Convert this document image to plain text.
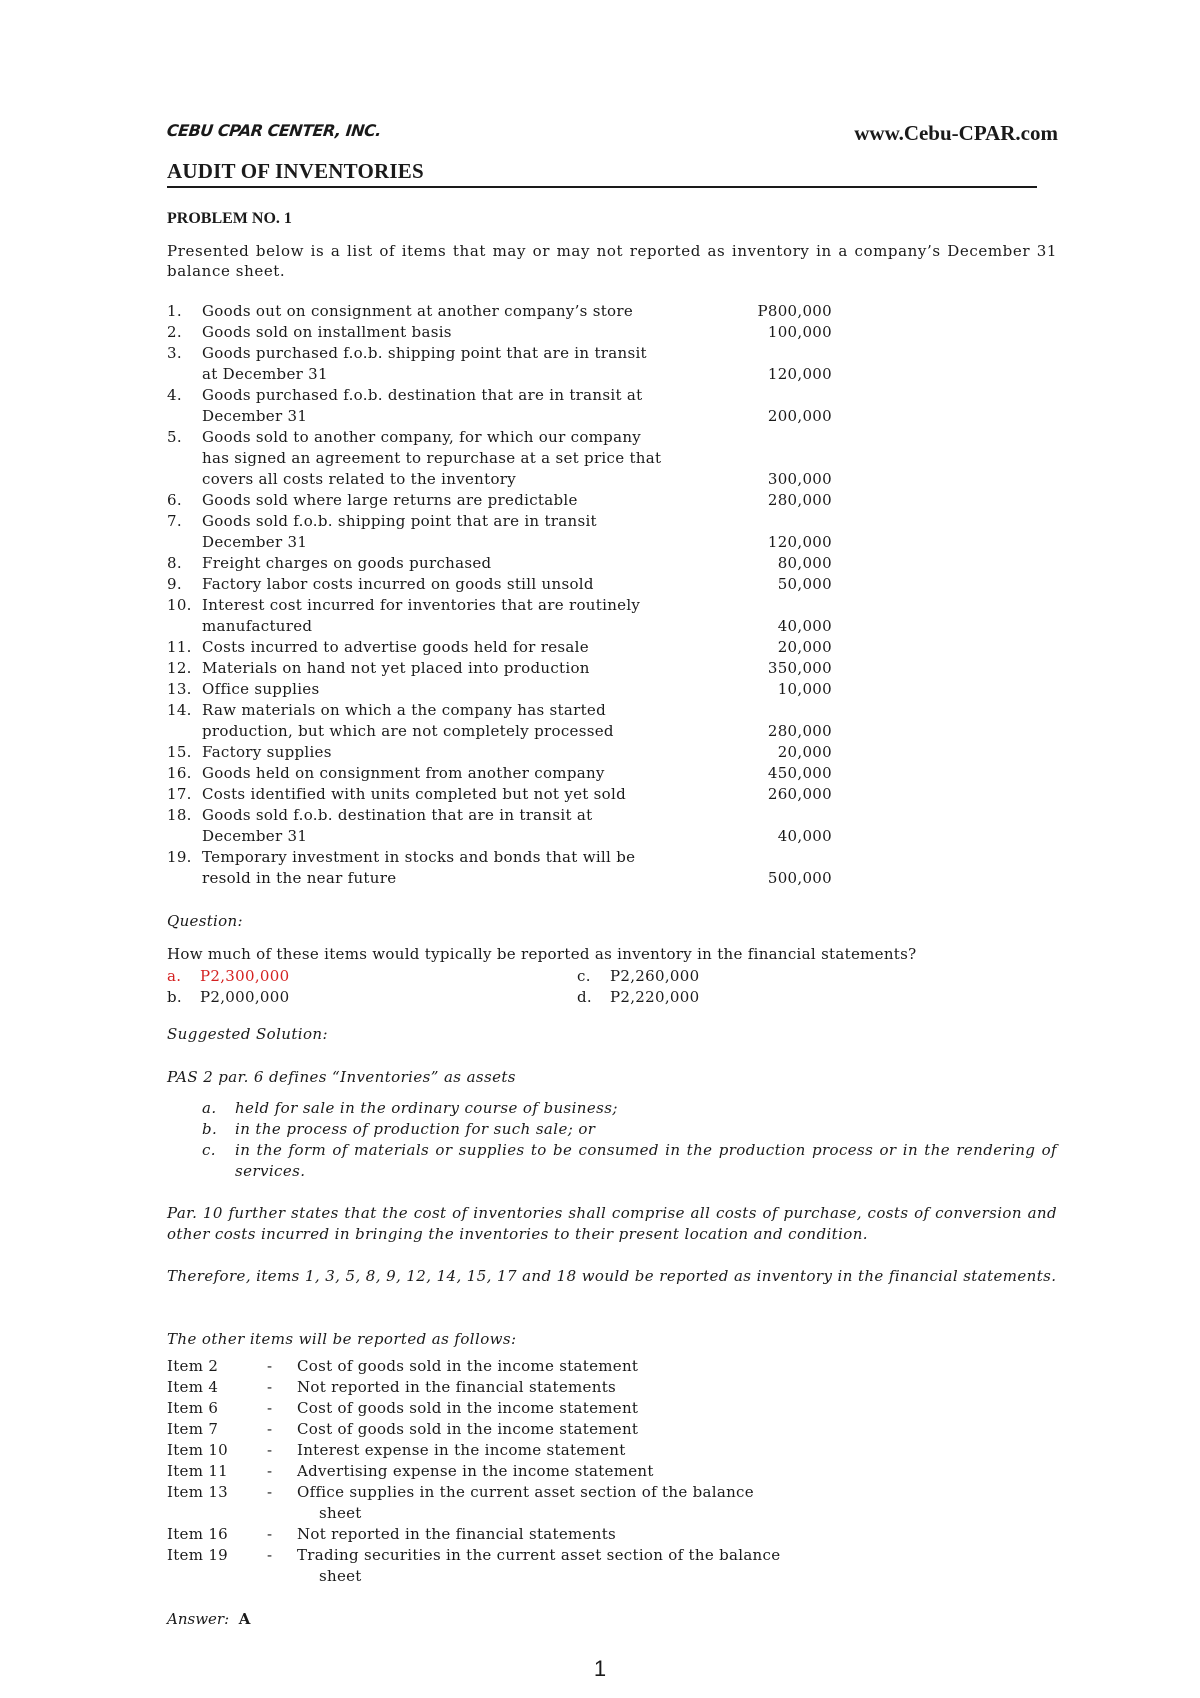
CEBU CPAR CENTER, INC.	www.Cebu-CPAR.com
AUDIT OF INVENTORIES
PROBLEM NO. 1
Presented below is a list of items that may or may not reported as inventory in a company’s December 31 balance sheet.
1.	Goods out on consignment at another company’s store	P800,000
2.	Goods sold on installment basis	100,000
3.	Goods purchased f.o.b. shipping point that are in transit
at December 31	120,000
4.	Goods purchased f.o.b. destination that are in transit at
December 31	200,000
5.	Goods sold to another company, for which our company
has signed an agreement to repurchase at a set price that
covers all costs related to the inventory	300,000
6.	Goods sold where large returns are predictable	280,000
7.	Goods sold f.o.b. shipping point that are in transit
December 31	120,000
8.	Freight charges on goods purchased	80,000
9.	Factory labor costs incurred on goods still unsold	50,000
10. Interest cost incurred for inventories that are routinely
manufactured	40,000
11. Costs incurred to advertise goods held for resale	20,000
12. Materials on hand not yet placed into production	350,000
13. Office supplies	10,000
14. Raw materials on which a the company has started
production, but which are not completely processed	280,000
15. Factory supplies	20,000
16. Goods held on consignment from another company	450,000
17. Costs identified with units completed but not yet sold	260,000
18. Goods sold f.o.b. destination that are in transit at
December 31	40,000
19. Temporary investment in stocks and bonds that will be
resold in the near future	500,000
Question:
How much of these items would typically be reported as inventory in the financial statements?
a.	P2,300,000	c.	P2,260,000
b.	P2,000,000	d.	P2,220,000
Suggested Solution:
PAS 2 par. 6 defines “Inventories” as assets
a.	held for sale in the ordinary course of business;
b.	in the process of production for such sale; or
c.	in the form of materials or supplies to be consumed in the production process or in the rendering of services.
Par. 10 further states that the cost of inventories shall comprise all costs of purchase, costs of conversion and other costs incurred in bringing the inventories to their present location and condition.
Therefore, items 1, 3, 5, 8, 9, 12, 14, 15, 17 and 18 would be reported as inventory in the financial statements.
The other items will be reported as follows:
Item 2	-	Cost of goods sold in the income statement
Item 4	-	Not reported in the financial statements
Item 6	-	Cost of goods sold in the income statement
Item 7	-	Cost of goods sold in the income statement
Item 10	-	Interest expense in the income statement
Item 11	-	Advertising expense in the income statement
Item 13	-	Office supplies in the current asset section of the balance
sheet
Item 16	-	Not reported in the financial statements
Item 19	-	Trading securities in the current asset section of the balance
sheet
Answer: A
1
